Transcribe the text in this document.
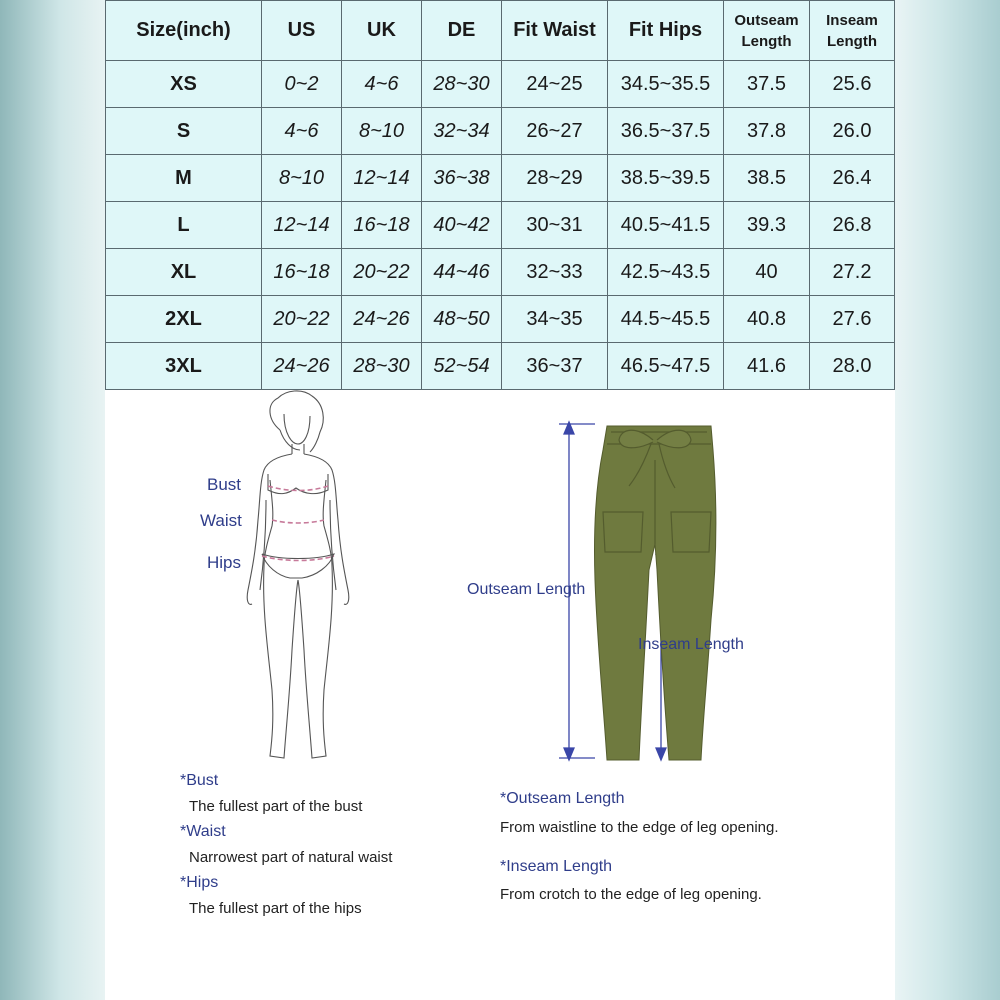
Size(inch)	US	UK	DE	Fit Waist	Fit Hips	Outseam Length	Inseam Length
XS	0~2	4~6	28~30	24~25	34.5~35.5	37.5	25.6
S	4~6	8~10	32~34	26~27	36.5~37.5	37.8	26.0
M	8~10	12~14	36~38	28~29	38.5~39.5	38.5	26.4
L	12~14	16~18	40~42	30~31	40.5~41.5	39.3	26.8
XL	16~18	20~22	44~46	32~33	42.5~43.5	40	27.2
2XL	20~22	24~26	48~50	34~35	44.5~45.5	40.8	27.6
3XL	24~26	28~30	52~54	36~37	46.5~47.5	41.6	28.0
Bust
Waist
Hips
Outseam Length
Inseam Length
*Bust
The fullest part of the bust
*Waist
Narrowest part of natural waist
*Hips
The fullest part of the hips
*Outseam Length
From waistline to the edge of leg opening.
*Inseam Length
From crotch to the edge of leg opening.
